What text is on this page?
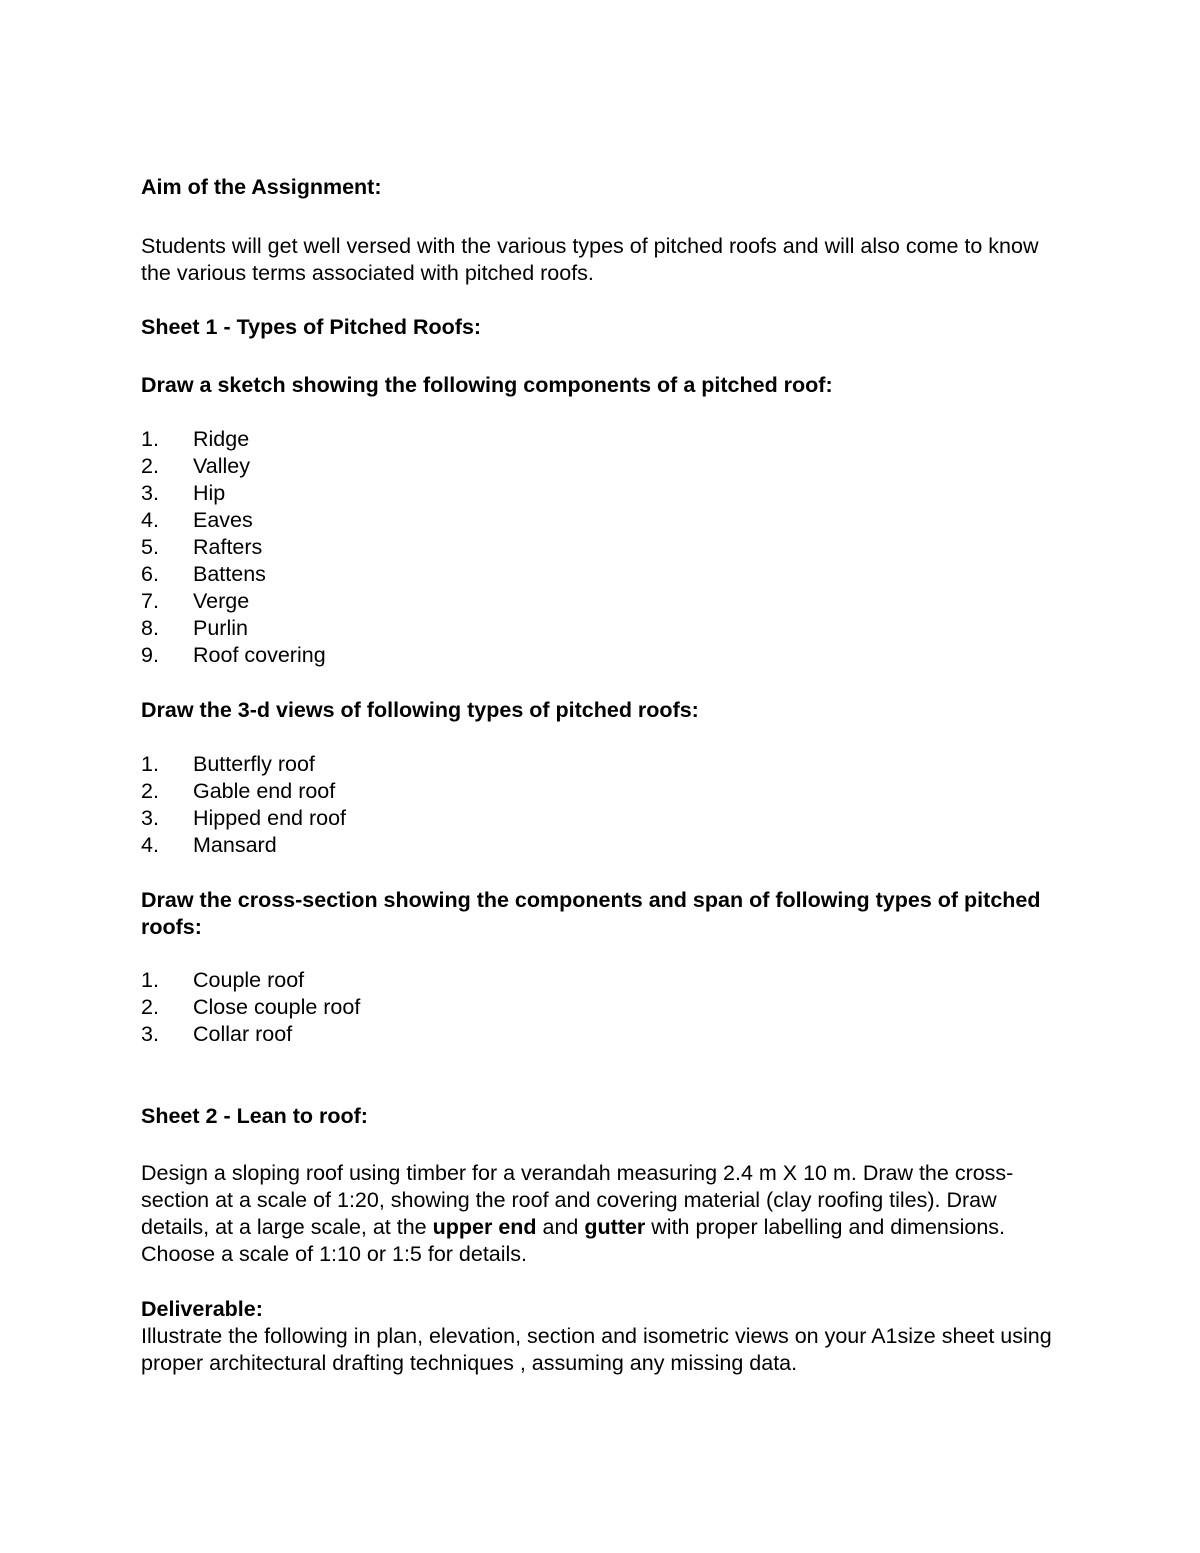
Aim of the Assignment:

Students will get well versed with the various types of pitched roofs and will also come to know the various terms associated with pitched roofs.

Sheet 1 - Types of Pitched Roofs:

Draw a sketch showing the following components of a pitched roof:

1.	Ridge
2.	Valley
3.	Hip
4.	Eaves
5.	Rafters
6.	Battens
7.	Verge
8.	Purlin
9.	Roof covering

Draw the 3-d views of following types of pitched roofs:

1.	Butterfly roof
2.	Gable end roof
3.	Hipped end roof
4.	Mansard

Draw the cross-section showing the components and span of following types of pitched roofs:

1.	Couple roof
2.	Close couple roof
3.	Collar roof

Sheet 2 - Lean to roof:

Design a sloping roof using timber for a verandah measuring 2.4 m X 10 m. Draw the cross-section at a scale of 1:20, showing the roof and covering material (clay roofing tiles). Draw details, at a large scale, at the upper end and gutter with proper labelling and dimensions. Choose a scale of 1:10 or 1:5 for details.

Deliverable:

Illustrate the following in plan, elevation, section and isometric views on your A1size sheet using proper architectural drafting techniques , assuming any missing data.
